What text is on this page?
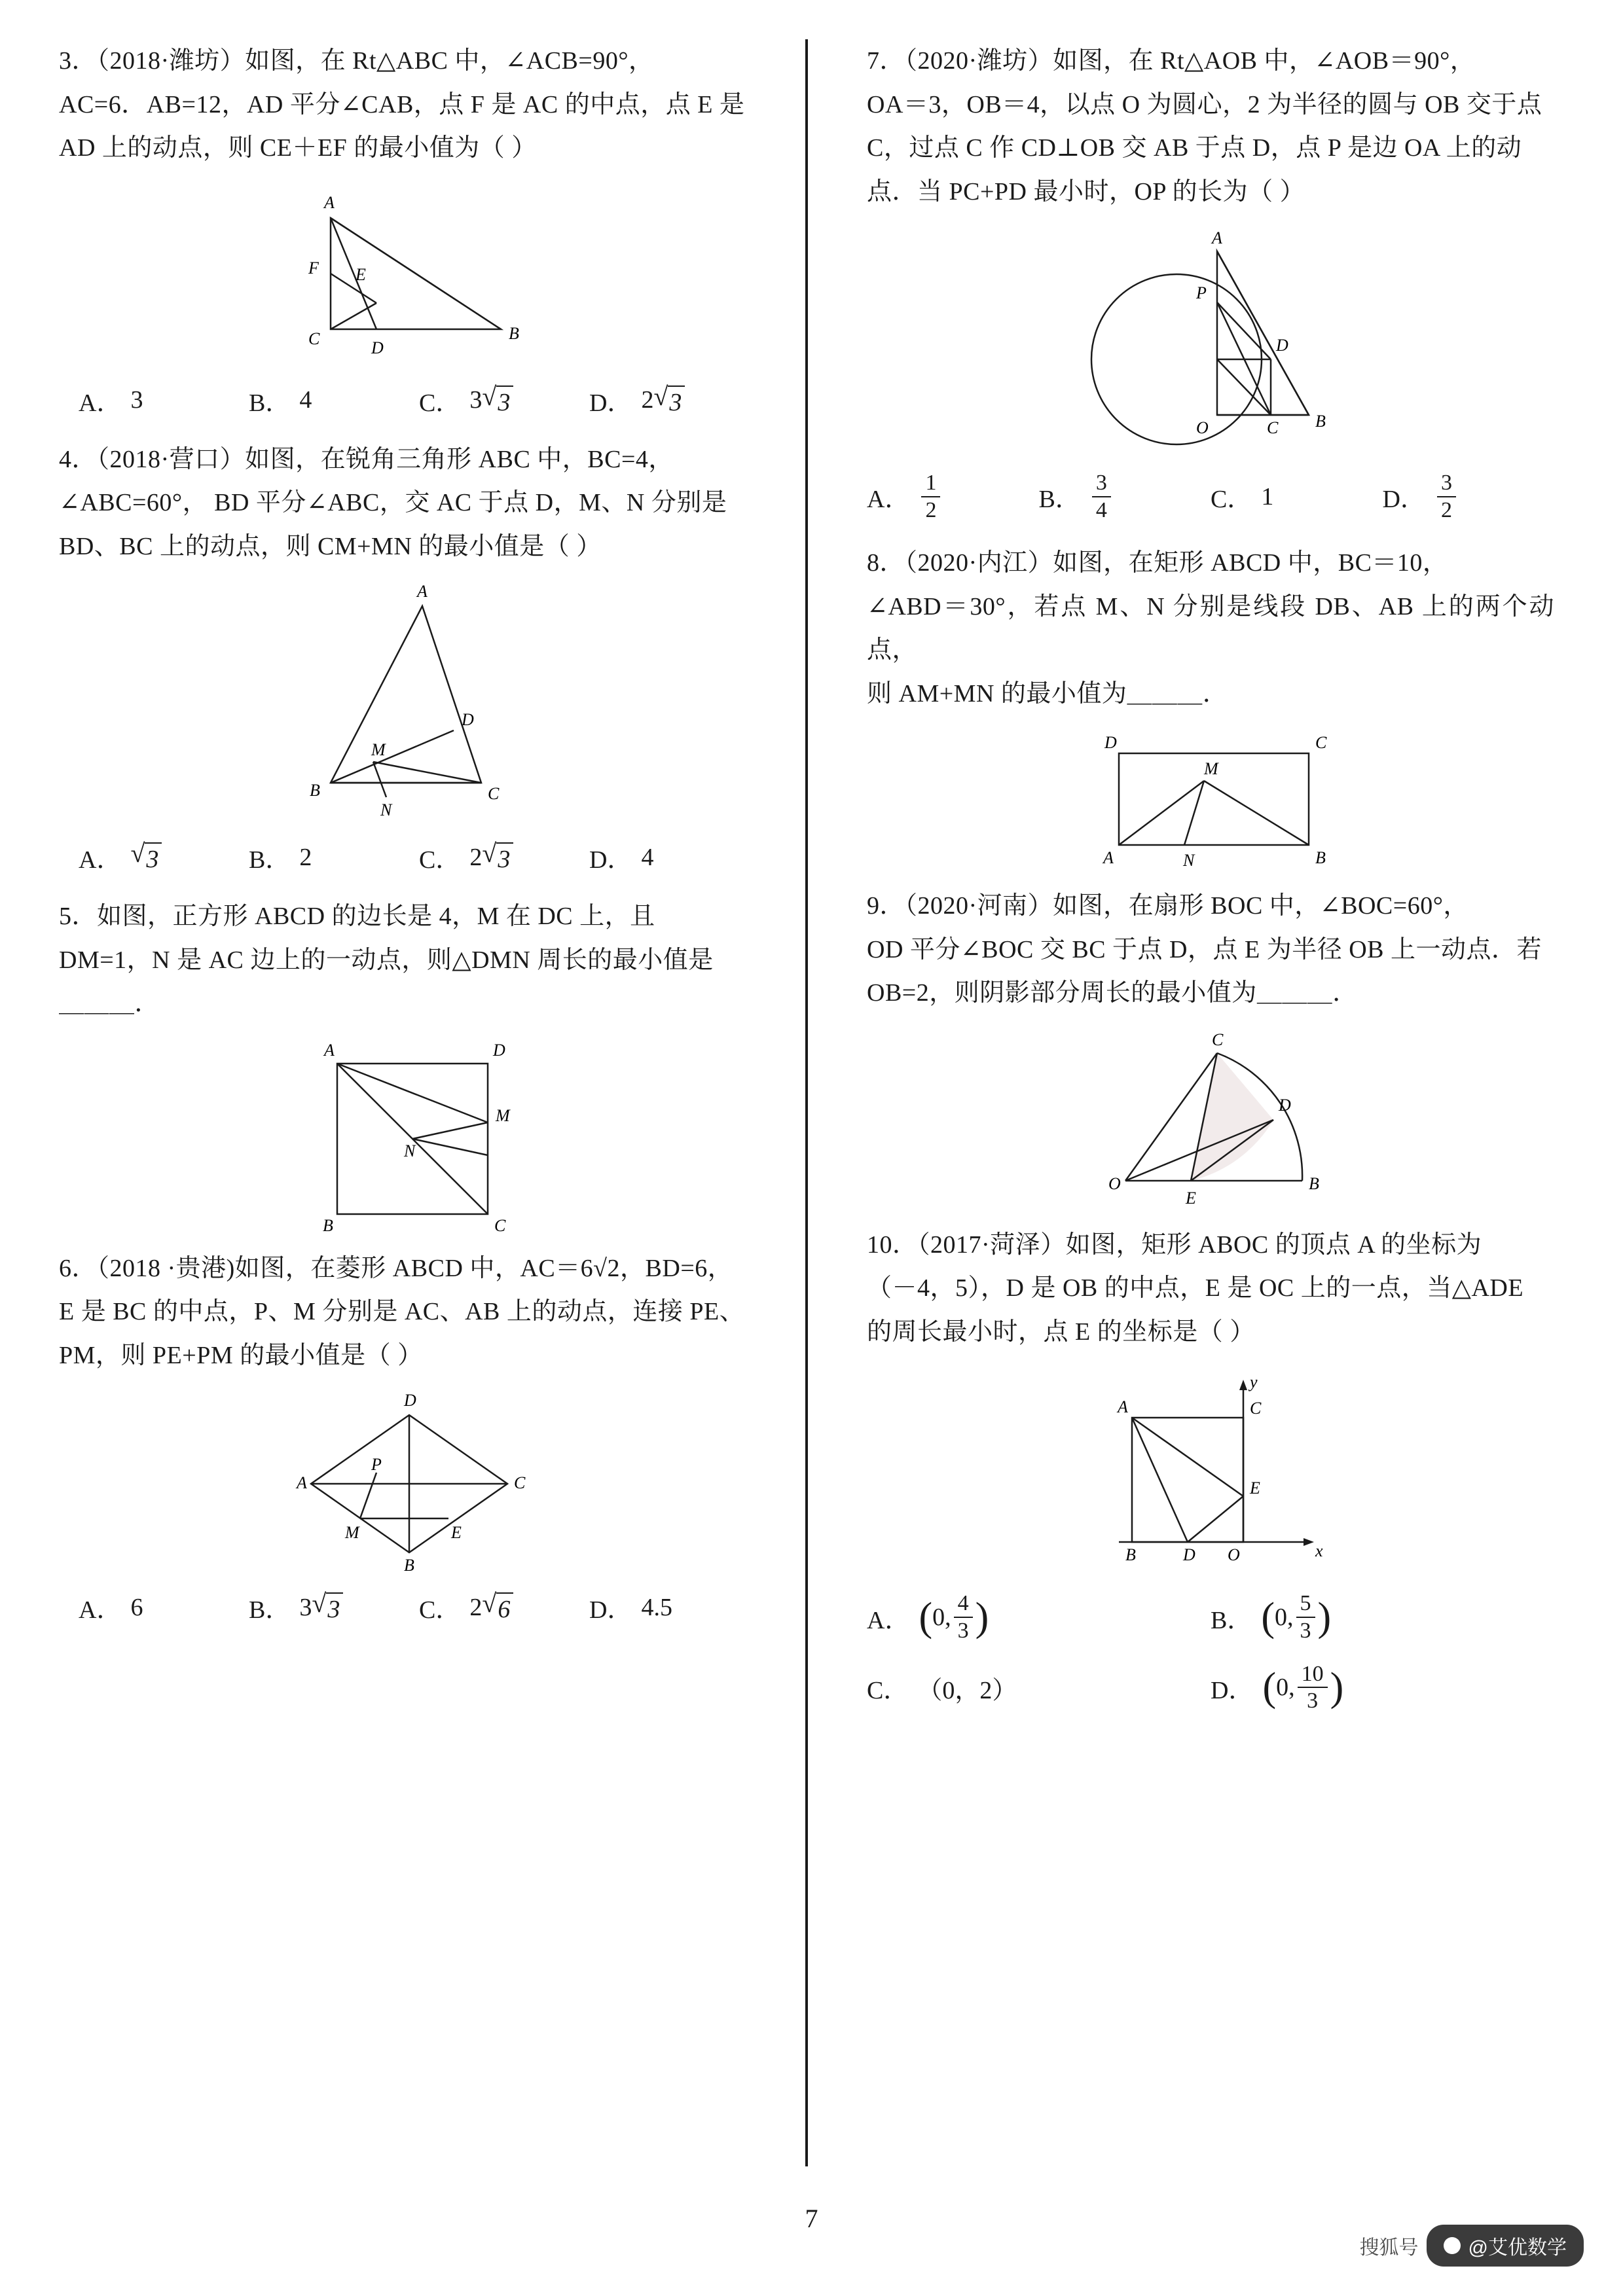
3．（2018·潍坊）如图，在 Rt△ABC 中，∠ACB=90°，
AC=6．AB=12，AD 平分∠CAB，点 F 是 AC 的中点，点 E 是
AD 上的动点，则 CE＋EF 的最小值为（ ）
A
F E
C	D
B
A． 3	B． 4	C． 3 √ 3	D． 2 √ 3
4．（2018·营口）如图，在锐角三角形 ABC 中，BC=4，
∠ABC=60°， BD 平分∠ABC，交 AC 于点 D，M、N 分别是
BD、BC 上的动点，则 CM+MN 的最小值是（ ）
A
D
M
B
N
C
A． √ 3	B． 2	C． 2 √ 3	D． 4
5．如图，正方形 ABCD 的边长是 4，M 在 DC 上，且
DM=1，N 是 AC 边上的一动点，则△DMN 周长的最小值是
＿＿＿．
A	D
M
N
B	C
6．（2018 ·贵港)如图，在菱形 ABCD 中，AC＝6√2，BD=6，
E 是 BC 的中点，P、M 分别是 AC、AB 上的动点，连接 PE、
PM，则 PE+PM 的最小值是（ ）
D
A
P
C
M	E
B
A． 6	B． 3 √ 3	C． 2 √ 6	D． 4.5
7．（2020·潍坊）如图，在 Rt△AOB 中，∠AOB＝90°，
OA＝3，OB＝4，以点 O 为圆心，2 为半径的圆与 OB 交于点
C，过点 C 作 CD⊥OB 交 AB 于点 D，点 P 是边 OA 上的动
点．当 PC+PD 最小时，OP 的长为（ ）
A
D
P
O	C B
A． $\frac{1}{2}$	B． $\frac{3}{4}$	C． 1	D． $\frac{3}{2}$
8．（2020·内江）如图，在矩形 ABCD 中，BC＝10，
∠ABD＝30°，若点 M、N 分别是线段 DB、AB 上的两个动点，
则 AM+MN 的最小值为＿＿＿．
D
M
C
A	N	B
9．（2020·河南）如图，在扇形 BOC 中，∠BOC=60°，
OD 平分∠BOC 交 BC 于点 D，点 E 为半径 OB 上一动点．若
OB=2，则阴影部分周长的最小值为＿＿＿．
C
D
O
E
B
10．（2017·菏泽）如图，矩形 ABOC 的顶点 A 的坐标为
（－4，5），D 是 OB 的中点，E 是 OC 上的一点，当△ADE
的周长最小时，点 E 的坐标是（ ）
y
A	C
E
B	D O	x
A． ( 0 , $\frac{4}{3}$ )	B． ( 0 , $\frac{5}{3}$ )
C． （0，2）	D． ( 0 , $\frac{10}{3}$ )
7
搜狐号	@艾优数学
